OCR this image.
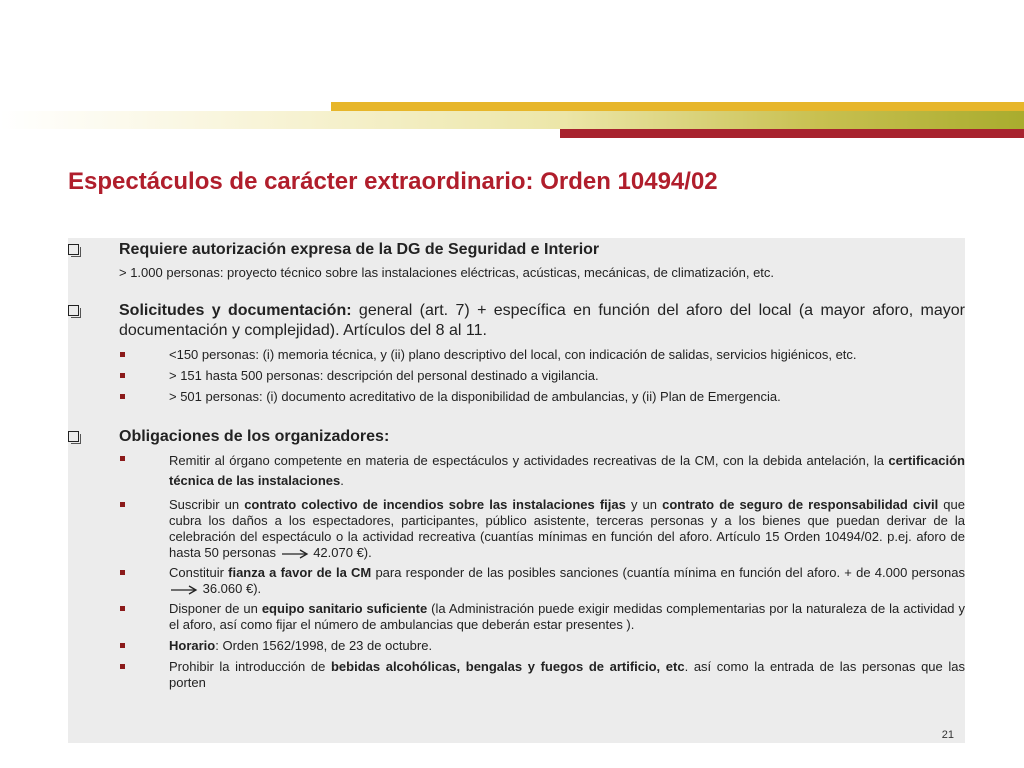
Espectáculos de carácter extraordinario: Orden 10494/02
Requiere autorización expresa de la DG de Seguridad e Interior
> 1.000 personas: proyecto técnico sobre las instalaciones eléctricas, acústicas, mecánicas, de climatización, etc.
Solicitudes y documentación: general (art. 7) + específica en función del aforo del local (a mayor aforo, mayor documentación y complejidad). Artículos del 8 al 11.
<150 personas: (i) memoria técnica, y (ii) plano descriptivo del local, con indicación de salidas, servicios higiénicos, etc.
> 151 hasta 500 personas: descripción del personal destinado a vigilancia.
> 501 personas: (i) documento acreditativo de la disponibilidad de ambulancias, y (ii) Plan de Emergencia.
Obligaciones de los organizadores:
Remitir al órgano competente en materia de espectáculos y actividades recreativas de la CM, con la debida antelación, la certificación técnica de las instalaciones.
Suscribir un contrato colectivo de incendios sobre las instalaciones fijas y un contrato de seguro de responsabilidad civil que cubra los daños a los espectadores, participantes, público asistente, terceras personas y a los bienes que puedan derivar de la celebración del espectáculo o la actividad recreativa (cuantías mínimas en función del aforo. Artículo 15 Orden 10494/02. p.ej. aforo de hasta 50 personas	42.070 €).
Constituir fianza a favor de la CM para responder de las posibles sanciones (cuantía mínima en función del aforo. + de 4.000 personas  36.060 €).
Disponer de un equipo sanitario suficiente (la Administración puede exigir medidas complementarias por la naturaleza de la actividad y el aforo, así como fijar el número de ambulancias que deberán estar presentes ).
Horario: Orden 1562/1998, de 23 de octubre.
Prohibir la introducción de bebidas alcohólicas, bengalas y fuegos de artificio, etc. así como la entrada de las personas que las porten
21
